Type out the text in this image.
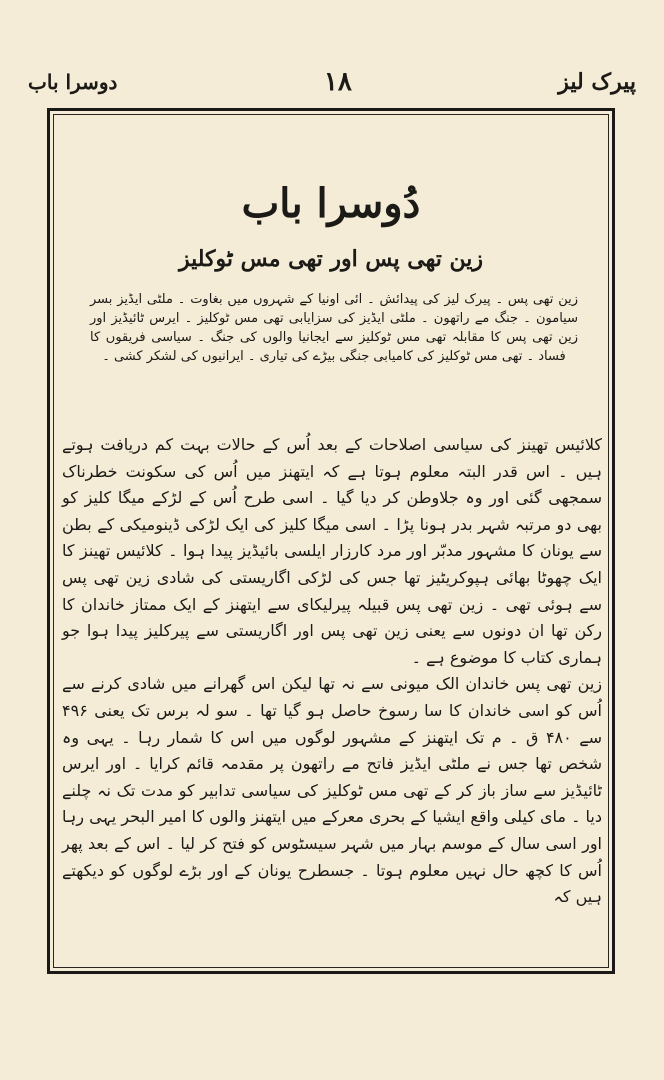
پیرک لیز
١٨
دوسرا باب
دُوسرا باب
زین تھی پس اور تھی مس ٹوکلیز
زین تھی پس ۔ پیرک لیز کی پیدائش ۔ ائی اونیا کے شہروں میں بغاوت ۔ ملٹی ایڈیز بسر سیامون ۔ جنگ مے راتھون ۔ ملٹی ایڈیز کی سزایابی تھی مس ٹوکلیز ۔ ایرس ٹائیڈیز اور زین تھی پس کا مقابلہ تھی مس ٹوکلیز سے ایجانیا والوں کی جنگ ۔ سیاسی فریقوں کا فساد ۔ تھی مس ٹوکلیز کی کامیابی جنگی بیڑے کی تیاری ۔ ایرانیوں کی لشکر کشی ۔

کلائیس تھینز کی سیاسی اصلاحات کے بعد اُس کے حالات بہت کم دریافت ہوتے ہیں ۔ اس قدر البتہ معلوم ہوتا ہے کہ ایتھنز میں اُس کی سکونت خطرناک سمجھی گئی اور وہ جلاوطن کر دیا گیا ۔ اسی طرح اُس کے لڑکے میگا کلیز کو بھی دو مرتبہ شہر بدر ہونا پڑا ۔ اسی میگا کلیز کی ایک لڑکی ڈینومیکی کے بطن سے یونان کا مشہور مدبّر اور مرد کارزار ایلسی بائیڈیز پیدا ہوا ۔ کلائیس تھینز کا ایک چھوٹا بھائی ہپوکریٹیز تھا جس کی لڑکی اگاریستی کی شادی زین تھی پس سے ہوئی تھی ۔ زین تھی پس قبیلہ پیرلیکای سے ایتھنز کے ایک ممتاز خاندان کا رکن تھا ان دونوں سے یعنی زین تھی پس اور اگاریستی سے پیرکلیز پیدا ہوا جو ہماری کتاب کا موضوع ہے ۔

زین تھی پس خاندان الک میونی سے نہ تھا لیکن اس گھرانے میں شادی کرنے سے اُس کو اسی خاندان کا سا رسوخ حاصل ہو گیا تھا ۔ سو لہ برس تک یعنی ۴۹۶ سے ۴۸۰ ق ۔ م تک ایتھنز کے مشہور لوگوں میں اس کا شمار رہا ۔ یہی وہ شخص تھا جس نے ملٹی ایڈیز فاتح مے راتھون پر مقدمہ قائم کرایا ۔ اور ایرس ٹائیڈیز سے ساز باز کر کے تھی مس ٹوکلیز کی سیاسی تدابیر کو مدت تک نہ چلنے دیا ۔ مای کیلی واقع ایشیا کے بحری معرکے میں ایتھنز والوں کا امیر البحر یہی رہا اور اسی سال کے موسم بہار میں شہر سیسٹوس کو فتح کر لیا ۔ اس کے بعد پھر اُس کا کچھ حال نہیں معلوم ہوتا ۔ جسطرح یونان کے اور بڑے لوگوں کو دیکھتے ہیں کہ
